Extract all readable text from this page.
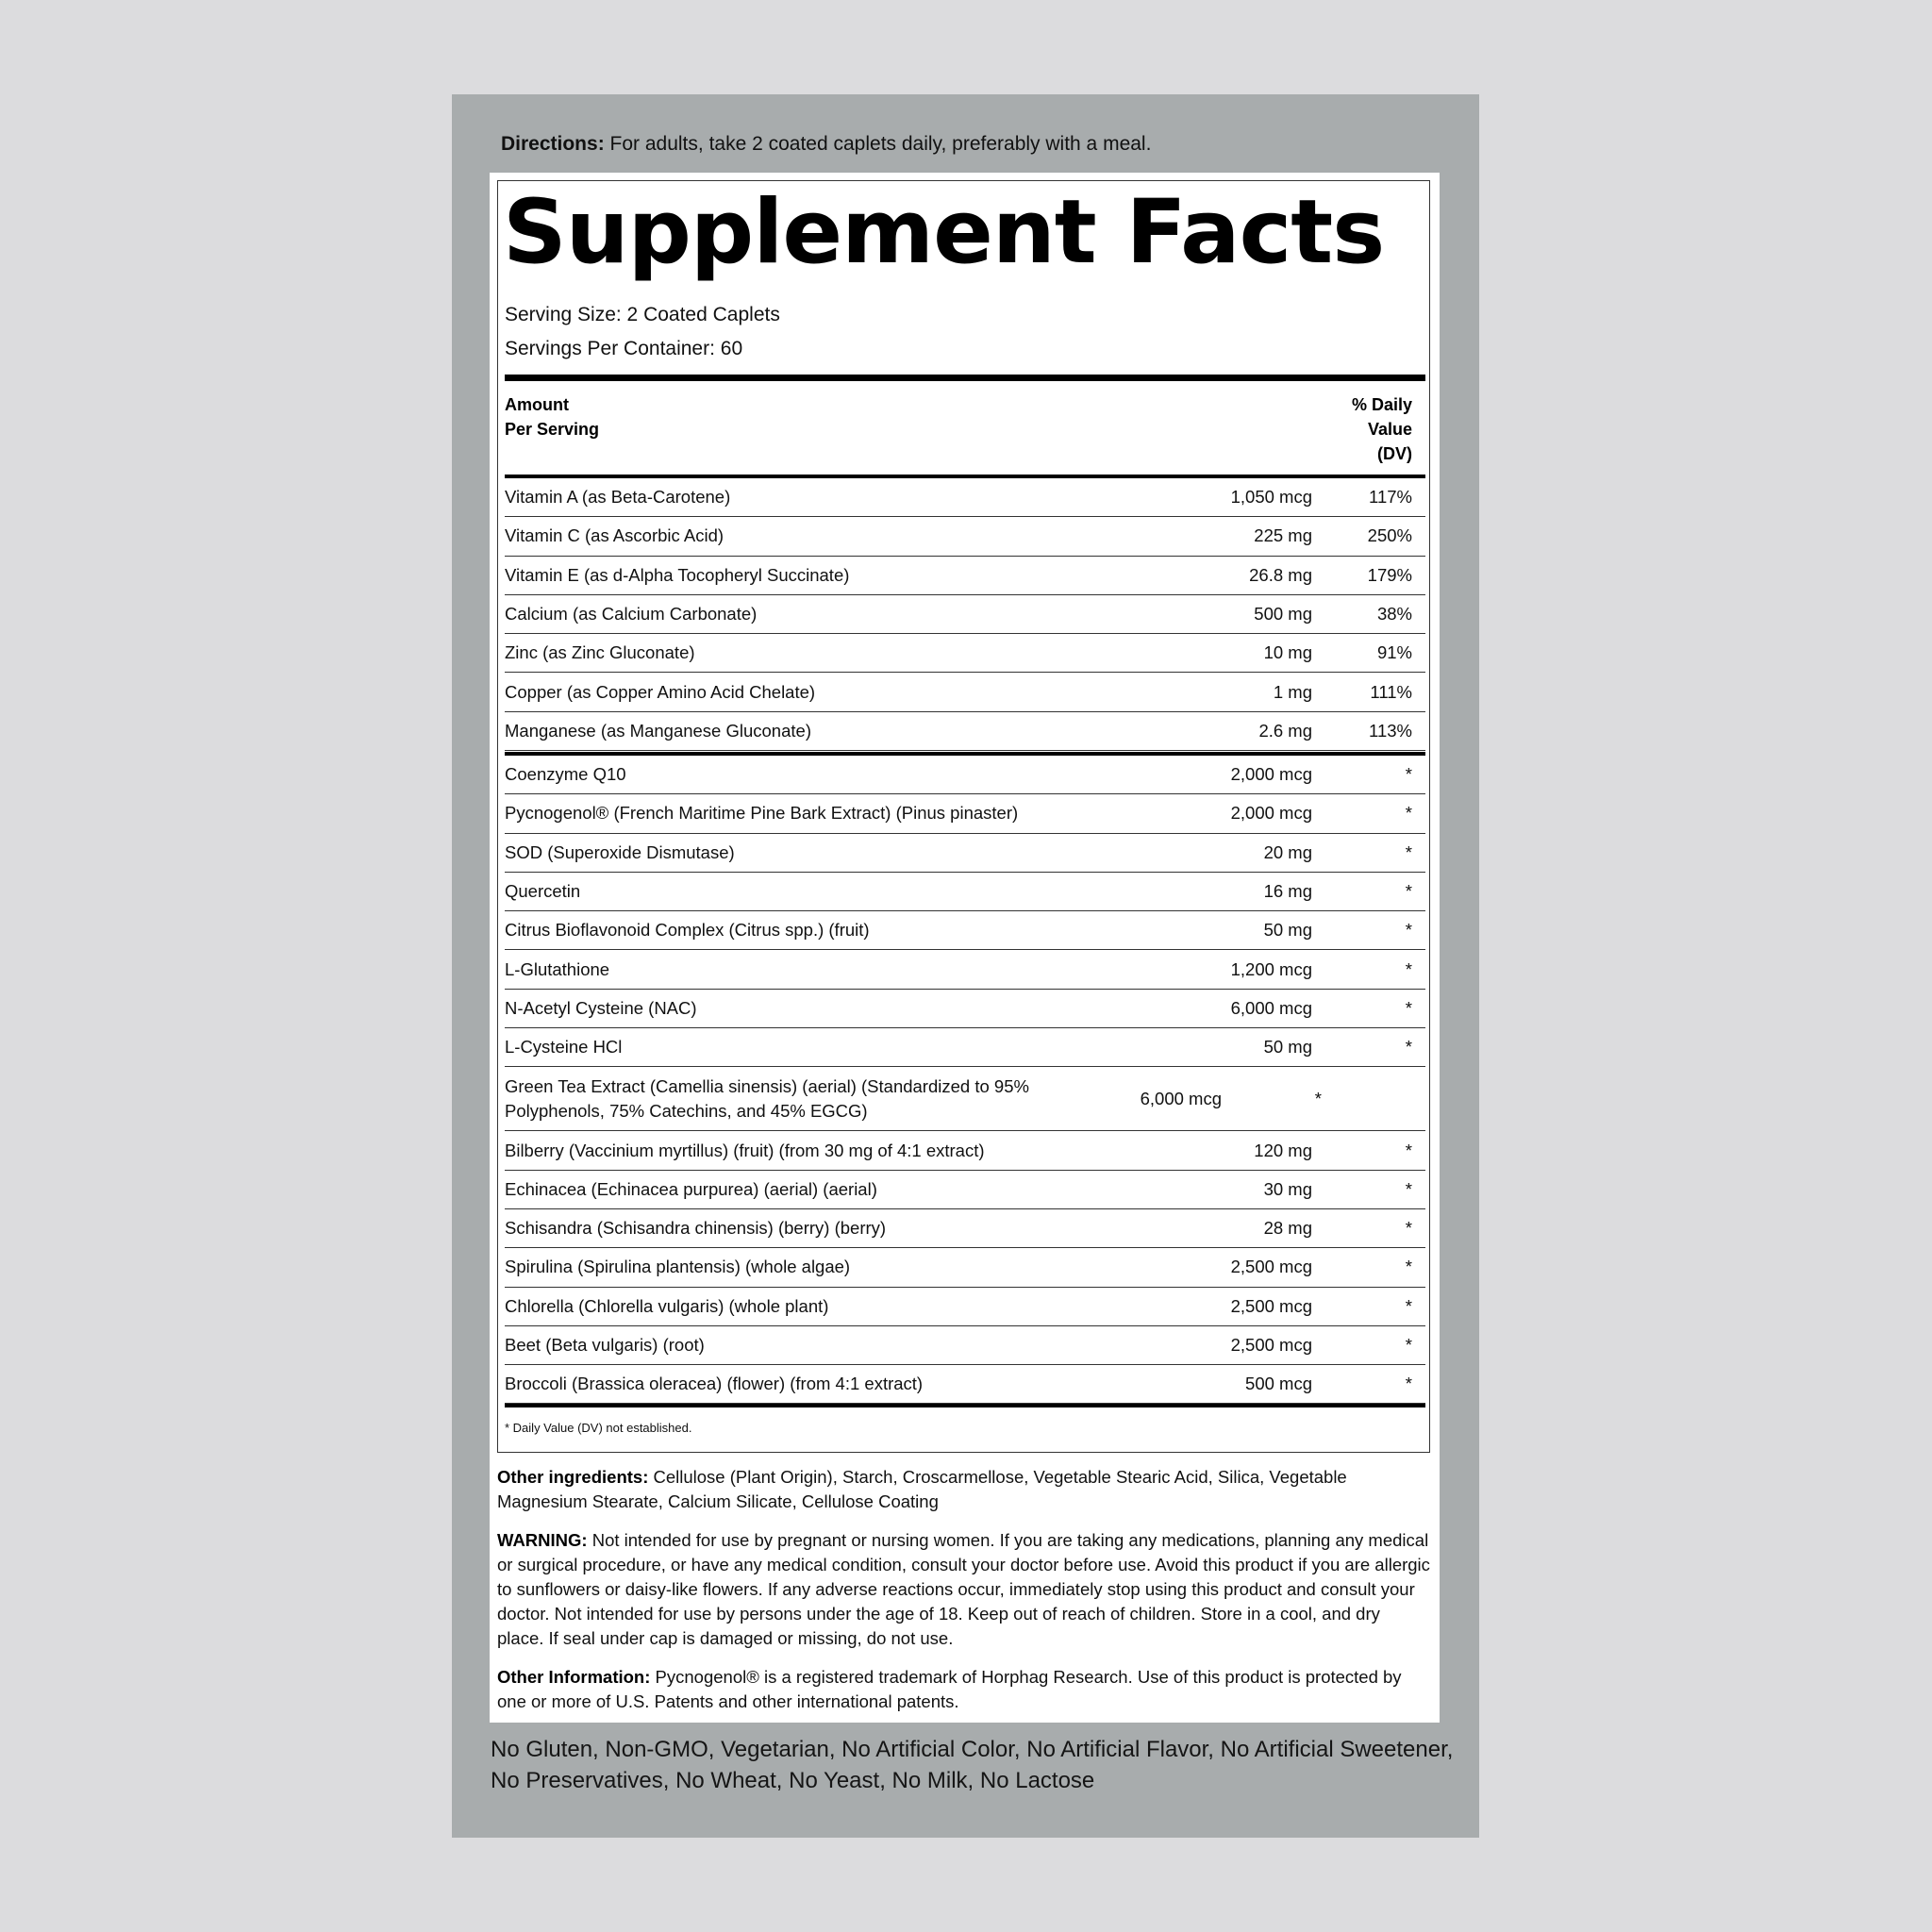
Directions: For adults, take 2 coated caplets daily, preferably with a meal.
Supplement Facts
Serving Size: 2 Coated Caplets
Servings Per Container: 60
Amount
Per Serving
% Daily
Value
(DV)
Vitamin A (as Beta-Carotene)	1,050 mcg	117%
Vitamin C (as Ascorbic Acid)	225 mg	250%
Vitamin E (as d-Alpha Tocopheryl Succinate)	26.8 mg	179%
Calcium (as Calcium Carbonate)	500 mg	38%
Zinc (as Zinc Gluconate)	10 mg	91%
Copper (as Copper Amino Acid Chelate)	1 mg	111%
Manganese (as Manganese Gluconate)	2.6 mg	113%
Coenzyme Q10	2,000 mcg	*
Pycnogenol® (French Maritime Pine Bark Extract) (Pinus pinaster)	2,000 mcg	*
SOD (Superoxide Dismutase)	20 mg	*
Quercetin	16 mg	*
Citrus Bioflavonoid Complex (Citrus spp.) (fruit)	50 mg	*
L-Glutathione	1,200 mcg	*
N-Acetyl Cysteine (NAC)	6,000 mcg	*
L-Cysteine HCl	50 mg	*
Green Tea Extract (Camellia sinensis) (aerial) (Standardized to 95% Polyphenols, 75% Catechins, and 45% EGCG)
6,000 mcg	*
Bilberry (Vaccinium myrtillus) (fruit) (from 30 mg of 4:1 extract)	120 mg	*
Echinacea (Echinacea purpurea) (aerial) (aerial)	30 mg	*
Schisandra (Schisandra chinensis) (berry) (berry)	28 mg	*
Spirulina (Spirulina plantensis) (whole algae)	2,500 mcg	*
Chlorella (Chlorella vulgaris) (whole plant)	2,500 mcg	*
Beet (Beta vulgaris) (root)	2,500 mcg	*
Broccoli (Brassica oleracea) (flower) (from 4:1 extract)	500 mcg	*
* Daily Value (DV) not established.
Other ingredients: Cellulose (Plant Origin), Starch, Croscarmellose, Vegetable Stearic Acid, Silica, Vegetable Magnesium Stearate, Calcium Silicate, Cellulose Coating
WARNING: Not intended for use by pregnant or nursing women. If you are taking any medications, planning any medical or surgical procedure, or have any medical condition, consult your doctor before use. Avoid this product if you are allergic to sunflowers or daisy-like flowers. If any adverse reactions occur, immediately stop using this product and consult your doctor. Not intended for use by persons under the age of 18. Keep out of reach of children. Store in a cool, and dry place. If seal under cap is damaged or missing, do not use.
Other Information: Pycnogenol® is a registered trademark of Horphag Research. Use of this product is protected by one or more of U.S. Patents and other international patents.
No Gluten, Non-GMO, Vegetarian, No Artificial Color, No Artificial Flavor, No Artificial Sweetener, No Preservatives, No Wheat, No Yeast, No Milk, No Lactose
